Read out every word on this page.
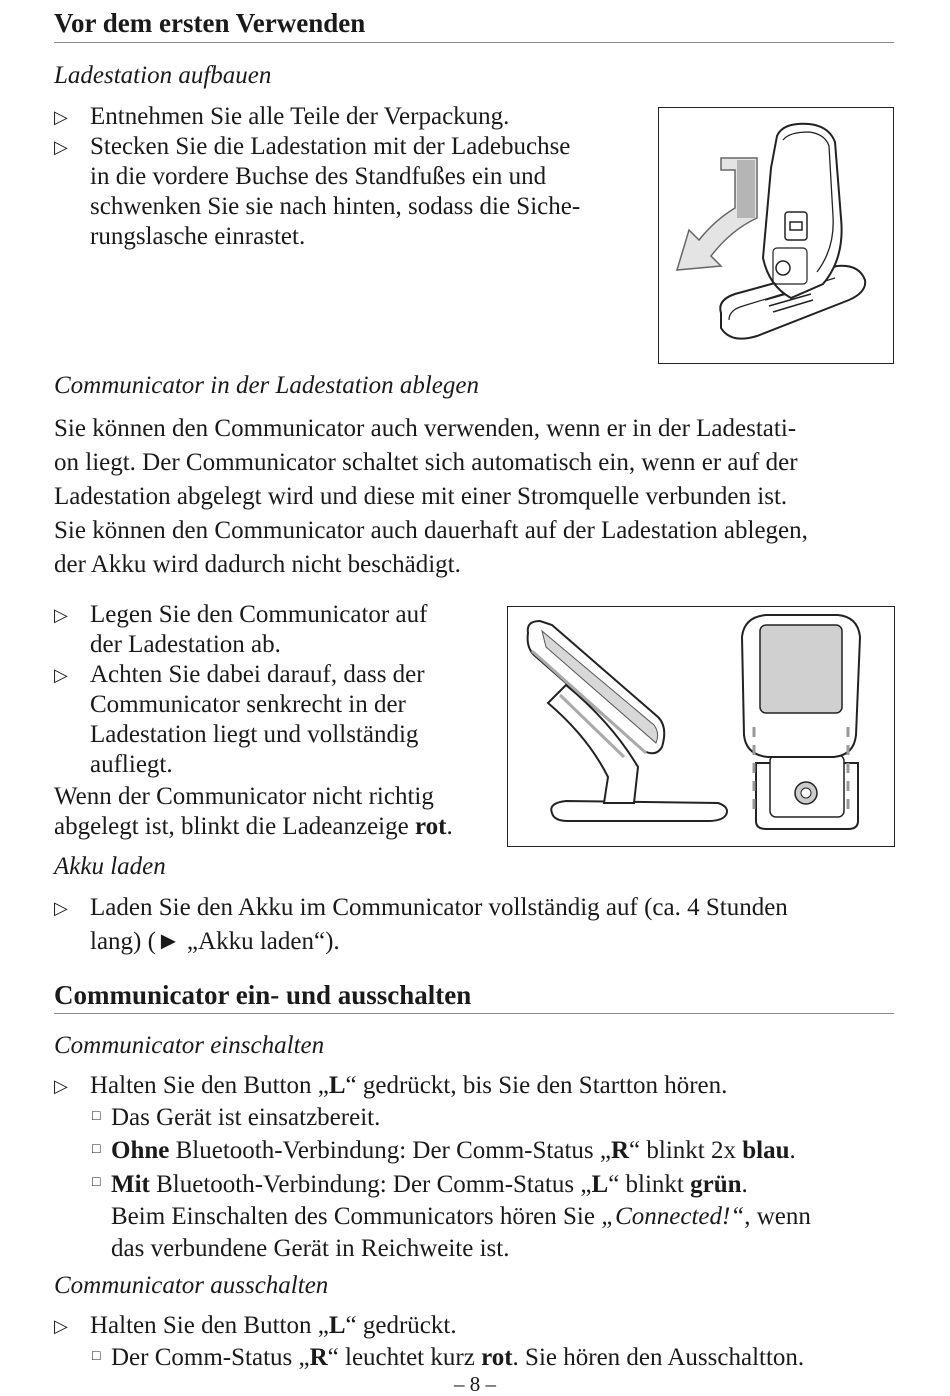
Vor dem ersten Verwenden
Ladestation aufbauen
▷ Entnehmen Sie alle Teile der Verpackung.
▷ Stecken Sie die Ladestation mit der Ladebuchse
in die vordere Buchse des Standfußes ein und
schwenken Sie sie nach hinten, sodass die Siche-
rungslasche einrastet.
Communicator in der Ladestation ablegen
Sie können den Communicator auch verwenden, wenn er in der Ladestati-
on liegt. Der Communicator schaltet sich automatisch ein, wenn er auf der
Ladestation abgelegt wird und diese mit einer Stromquelle verbunden ist.
Sie können den Communicator auch dauerhaft auf der Ladestation ablegen,
der Akku wird dadurch nicht beschädigt.
▷ Legen Sie den Communicator auf
der Ladestation ab.
▷ Achten Sie dabei darauf, dass der
Communicator senkrecht in der
Ladestation liegt und vollständig
aufliegt.
Wenn der Communicator nicht richtig
abgelegt ist, blinkt die Ladeanzeige rot.
Akku laden
▷ Laden Sie den Akku im Communicator vollständig auf (ca. 4 Stunden
lang) (► „Akku laden“).
Communicator ein- und ausschalten
Communicator einschalten
▷ Halten Sie den Button „L“ gedrückt, bis Sie den Startton hören.
□ Das Gerät ist einsatzbereit.
□ Ohne Bluetooth-Verbindung: Der Comm-Status „R“ blinkt 2x blau.
□ Mit Bluetooth-Verbindung: Der Comm-Status „L“ blinkt grün.
Beim Einschalten des Communicators hören Sie „Connected!“, wenn
das verbundene Gerät in Reichweite ist.
Communicator ausschalten
▷ Halten Sie den Button „L“ gedrückt.
□ Der Comm-Status „R“ leuchtet kurz rot. Sie hören den Ausschaltton.
– 8 –
